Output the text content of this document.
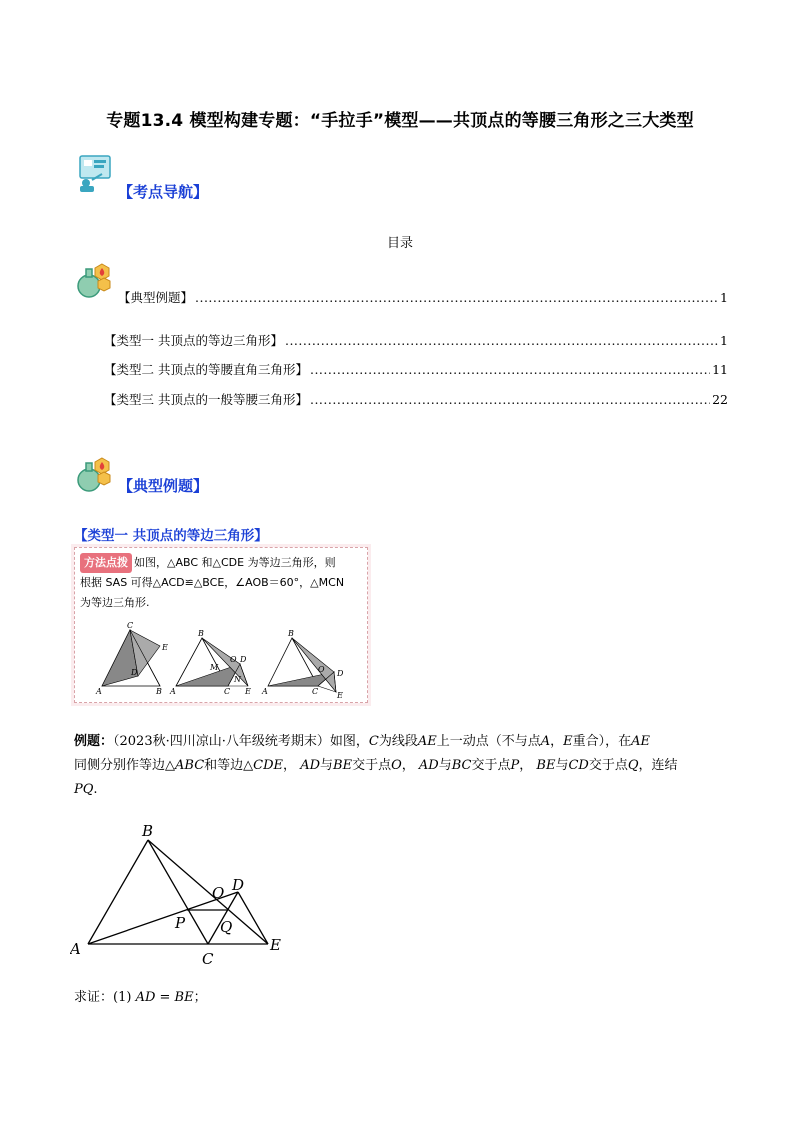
专题13.4 模型构建专题：“手拉手”模型——共顶点的等腰三角形之三大类型
【考点导航】
目录
【典型例题】 .....	1
【类型一 共顶点的等边三角形】 .....	1
【类型二 共顶点的等腰直角三角形】 .....	11
【类型三 共顶点的一般等腰三角形】 .....	22
【典型例题】
【类型一 共顶点的等边三角形】
方法点拨 如图，△ABC 和△CDE 为等边三角形，则
根据 SAS 可得△ACD≌△BCE，∠AOB＝60°，△MCN
为等边三角形.
C
E
D
A	B
B
M
O D
N
A	C E
B
O D
A	C E
例题：（2023秋·四川凉山·八年级统考期末）如图，C为线段AE上一动点（不与点A，E重合），在AE
同侧分别作等边△ABC和等边△CDE， AD与BE交于点O， AD与BC交于点P， BE与CD交于点Q，连结
PQ.
B
A
C
E
D
O
P Q
求证：(1) AD = BE；
